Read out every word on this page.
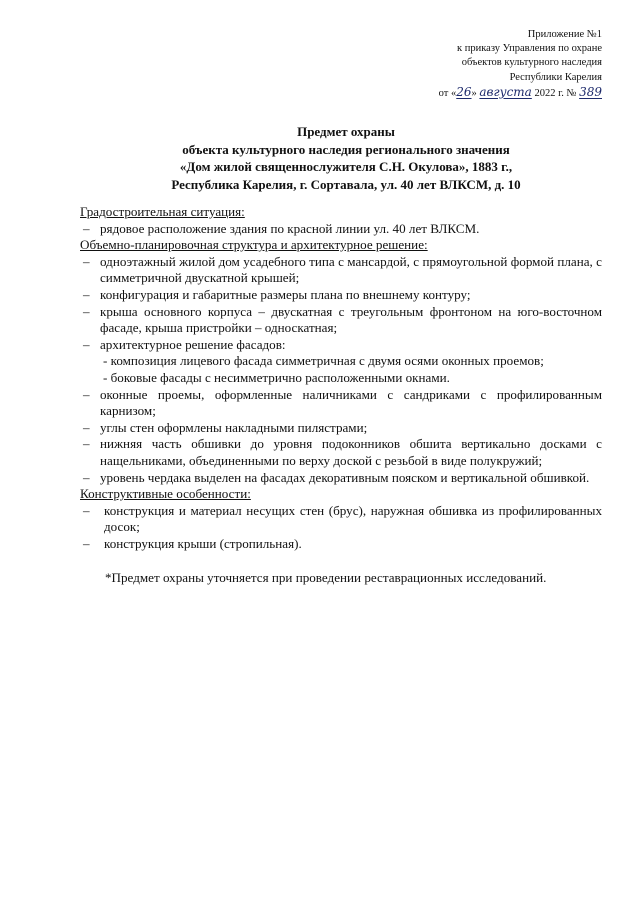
Приложение №1
к приказу Управления по охране
объектов культурного наследия
Республики Карелия
от «26» августа 2022 г. № 389
Предмет охраны
объекта культурного наследия регионального значения
«Дом жилой священнослужителя С.Н. Окулова», 1883 г.,
Республика Карелия, г. Сортавала, ул. 40 лет ВЛКСМ, д. 10
Градостроительная ситуация:
– рядовое расположение здания по красной линии ул. 40 лет ВЛКСМ.
Объемно-планировочная структура и архитектурное решение:
– одноэтажный жилой дом усадебного типа с мансардой, с прямоугольной формой плана, с симметричной двускатной крышей;
– конфигурация и габаритные размеры плана по внешнему контуру;
– крыша основного корпуса – двускатная с треугольным фронтоном на юго-восточном фасаде, крыша пристройки – односкатная;
– архитектурное решение фасадов:
- композиция лицевого фасада симметричная с двумя осями оконных проемов;
- боковые фасады с несимметрично расположенными окнами.
– оконные проемы, оформленные наличниками с сандриками с профилированным карнизом;
– углы стен оформлены накладными пилястрами;
– нижняя часть обшивки до уровня подоконников обшита вертикально досками с нащельниками, объединенными по верху доской с резьбой в виде полукружий;
– уровень чердака выделен на фасадах декоративным пояском и вертикальной обшивкой.
Конструктивные особенности:
–	конструкция и материал несущих стен (брус), наружная обшивка из профилированных досок;
–	конструкция крыши (стропильная).
*Предмет охраны уточняется при проведении реставрационных исследований.
